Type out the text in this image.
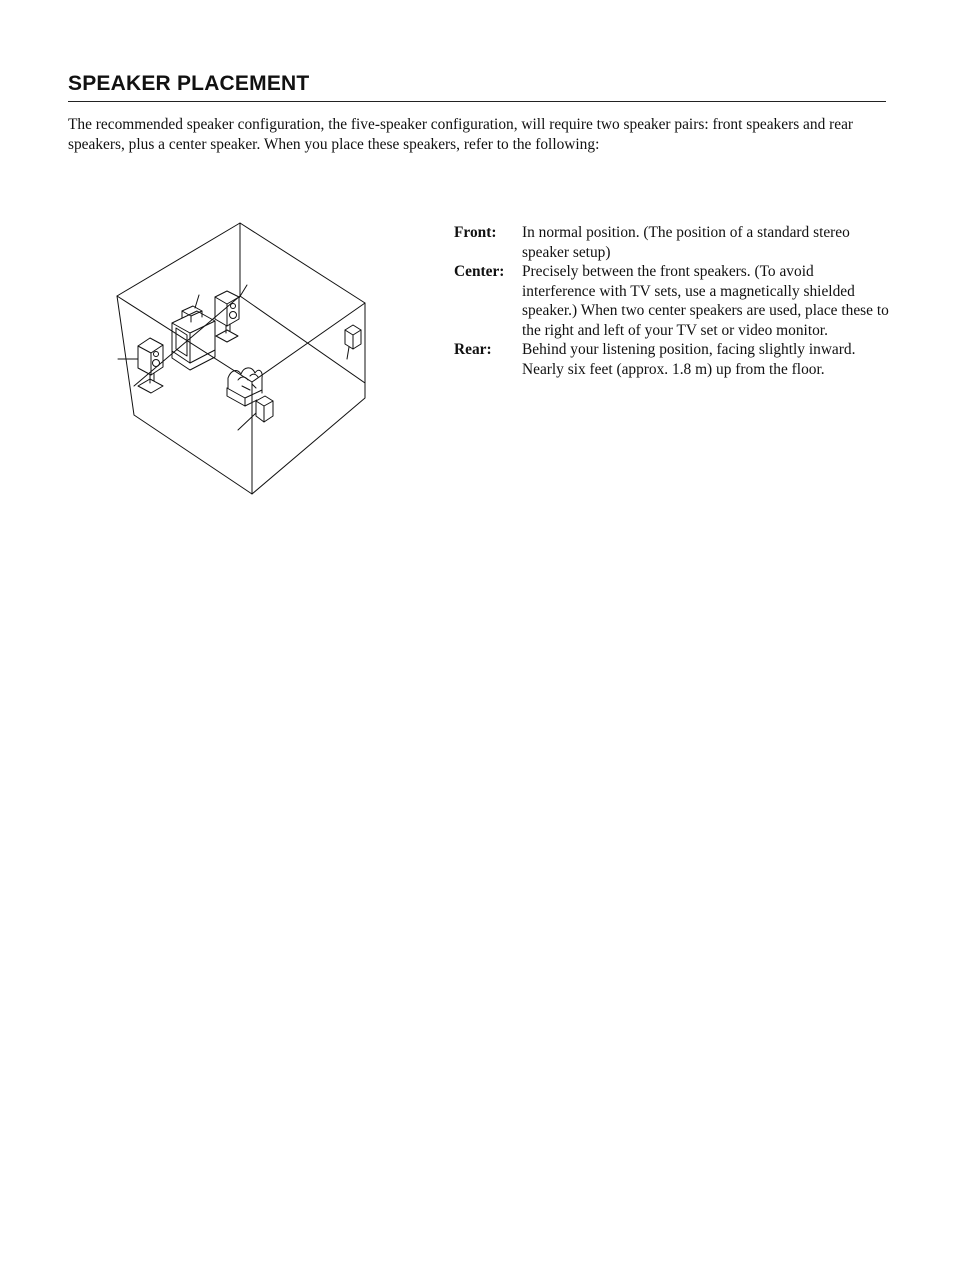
SPEAKER PLACEMENT

The recommended speaker configuration, the five-speaker configuration, will require two speaker pairs: front speakers and rear speakers, plus a center speaker. When you place these speakers, refer to the following:

Front:	In normal position. (The position of a standard stereo speaker setup)
Center:	Precisely between the front speakers. (To avoid interference with TV sets, use a magnetically shielded speaker.) When two center speakers are used, place these to the right and left of your TV set or video monitor.
Rear:	Behind your listening position, facing slightly inward. Nearly six feet (approx. 1.8 m) up from the floor.
